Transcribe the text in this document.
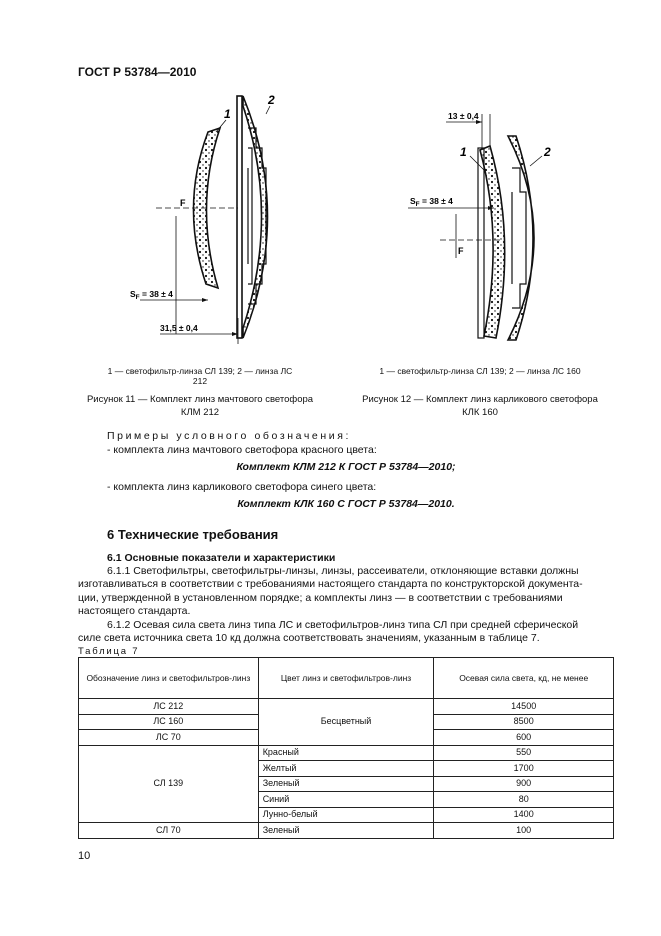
ГОСТ Р 53784—2010
1
2
F
$S_F = 38 \pm 4$
31,5 ± 0,4
13 ± 0,4
1	2
$S_F = 38 \pm 4$
F
1 — светофильтр-линза СЛ 139; 2 — линза ЛС 212
1 — светофильтр-линза СЛ 139; 2 — линза ЛС 160
Рисунок 11 — Комплект линз мачтового светофора
КЛМ 212
Рисунок 12 — Комплект линз карликового светофора
КЛК 160
Примеры условного обозначения:
- комплекта линз мачтового светофора красного цвета:
Комплект КЛМ 212 К ГОСТ Р 53784—2010;
- комплекта линз карликового светофора синего цвета:
Комплект КЛК 160 С ГОСТ Р 53784—2010.
6 Технические требования
6.1 Основные показатели и характеристики
6.1.1 Светофильтры, светофильтры-линзы, линзы, рассеиватели, отклоняющие вставки должны
изготавливаться в соответствии с требованиями настоящего стандарта по конструкторской документа-
ции, утвержденной в установленном порядке; а комплекты линз — в соответствии с требованиями
настоящего стандарта.
6.1.2 Осевая сила света линз типа ЛС и светофильтров-линз типа СЛ при средней сферической
силе света источника света 10 кд должна соответствовать значениям, указанным в таблице 7.
Таблица 7
Обозначение линз и светофильтров-линз	Цвет линз и светофильтров-линз	Осевая сила света, кд, не менее
ЛС 212	Бесцветный	14500
ЛС 160		8500
ЛС 70		600
СЛ 139	Красный	550
	Желтый	1700
	Зеленый	900
	Синий	80
	Лунно-белый	1400
СЛ 70	Зеленый	100
10
